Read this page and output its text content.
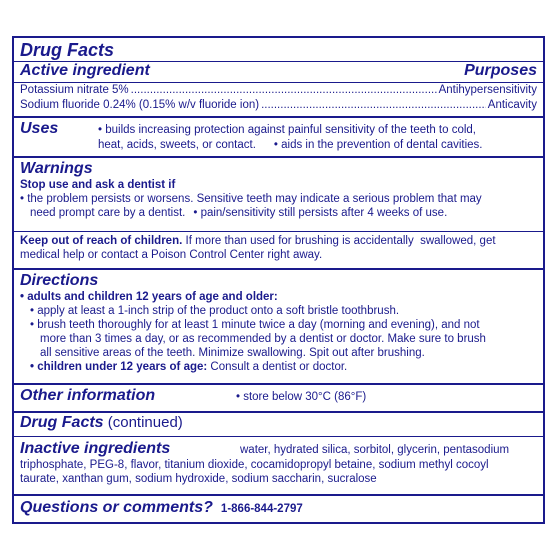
Drug Facts
Active ingredient	Purposes
Potassium nitrate 5% .....	Antihypersensitivity
Sodium fluoride 0.24% (0.15% w/v fluoride ion) .....	Anticavity
Uses	• builds increasing protection against painful sensitivity of the teeth to cold,
heat, acids, sweets, or contact. • aids in the prevention of dental cavities.
Warnings
Stop use and ask a dentist if
• the problem persists or worsens. Sensitive teeth may indicate a serious problem that may
need prompt care by a dentist. • pain/sensitivity still persists after 4 weeks of use.
Keep out of reach of children. If more than used for brushing is accidentally  swallowed, get
medical help or contact a Poison Control Center right away.
Directions
• adults and children 12 years of age and older:
• apply at least a 1-inch strip of the product onto a soft bristle toothbrush.
• brush teeth thoroughly for at least 1 minute twice a day (morning and evening), and not
more than 3 times a day, or as recommended by a dentist or doctor. Make sure to brush
all sensitive areas of the teeth. Minimize swallowing. Spit out after brushing.
• children under 12 years of age: Consult a dentist or doctor.
Other information	• store below 30°C (86°F)
Drug Facts (continued)
Inactive ingredients	water, hydrated silica, sorbitol, glycerin, pentasodium
triphosphate, PEG-8, flavor, titanium dioxide, cocamidopropyl betaine, sodium methyl cocoyl
taurate, xanthan gum, sodium hydroxide, sodium saccharin, sucralose
Questions or comments? 1-866-844-2797
